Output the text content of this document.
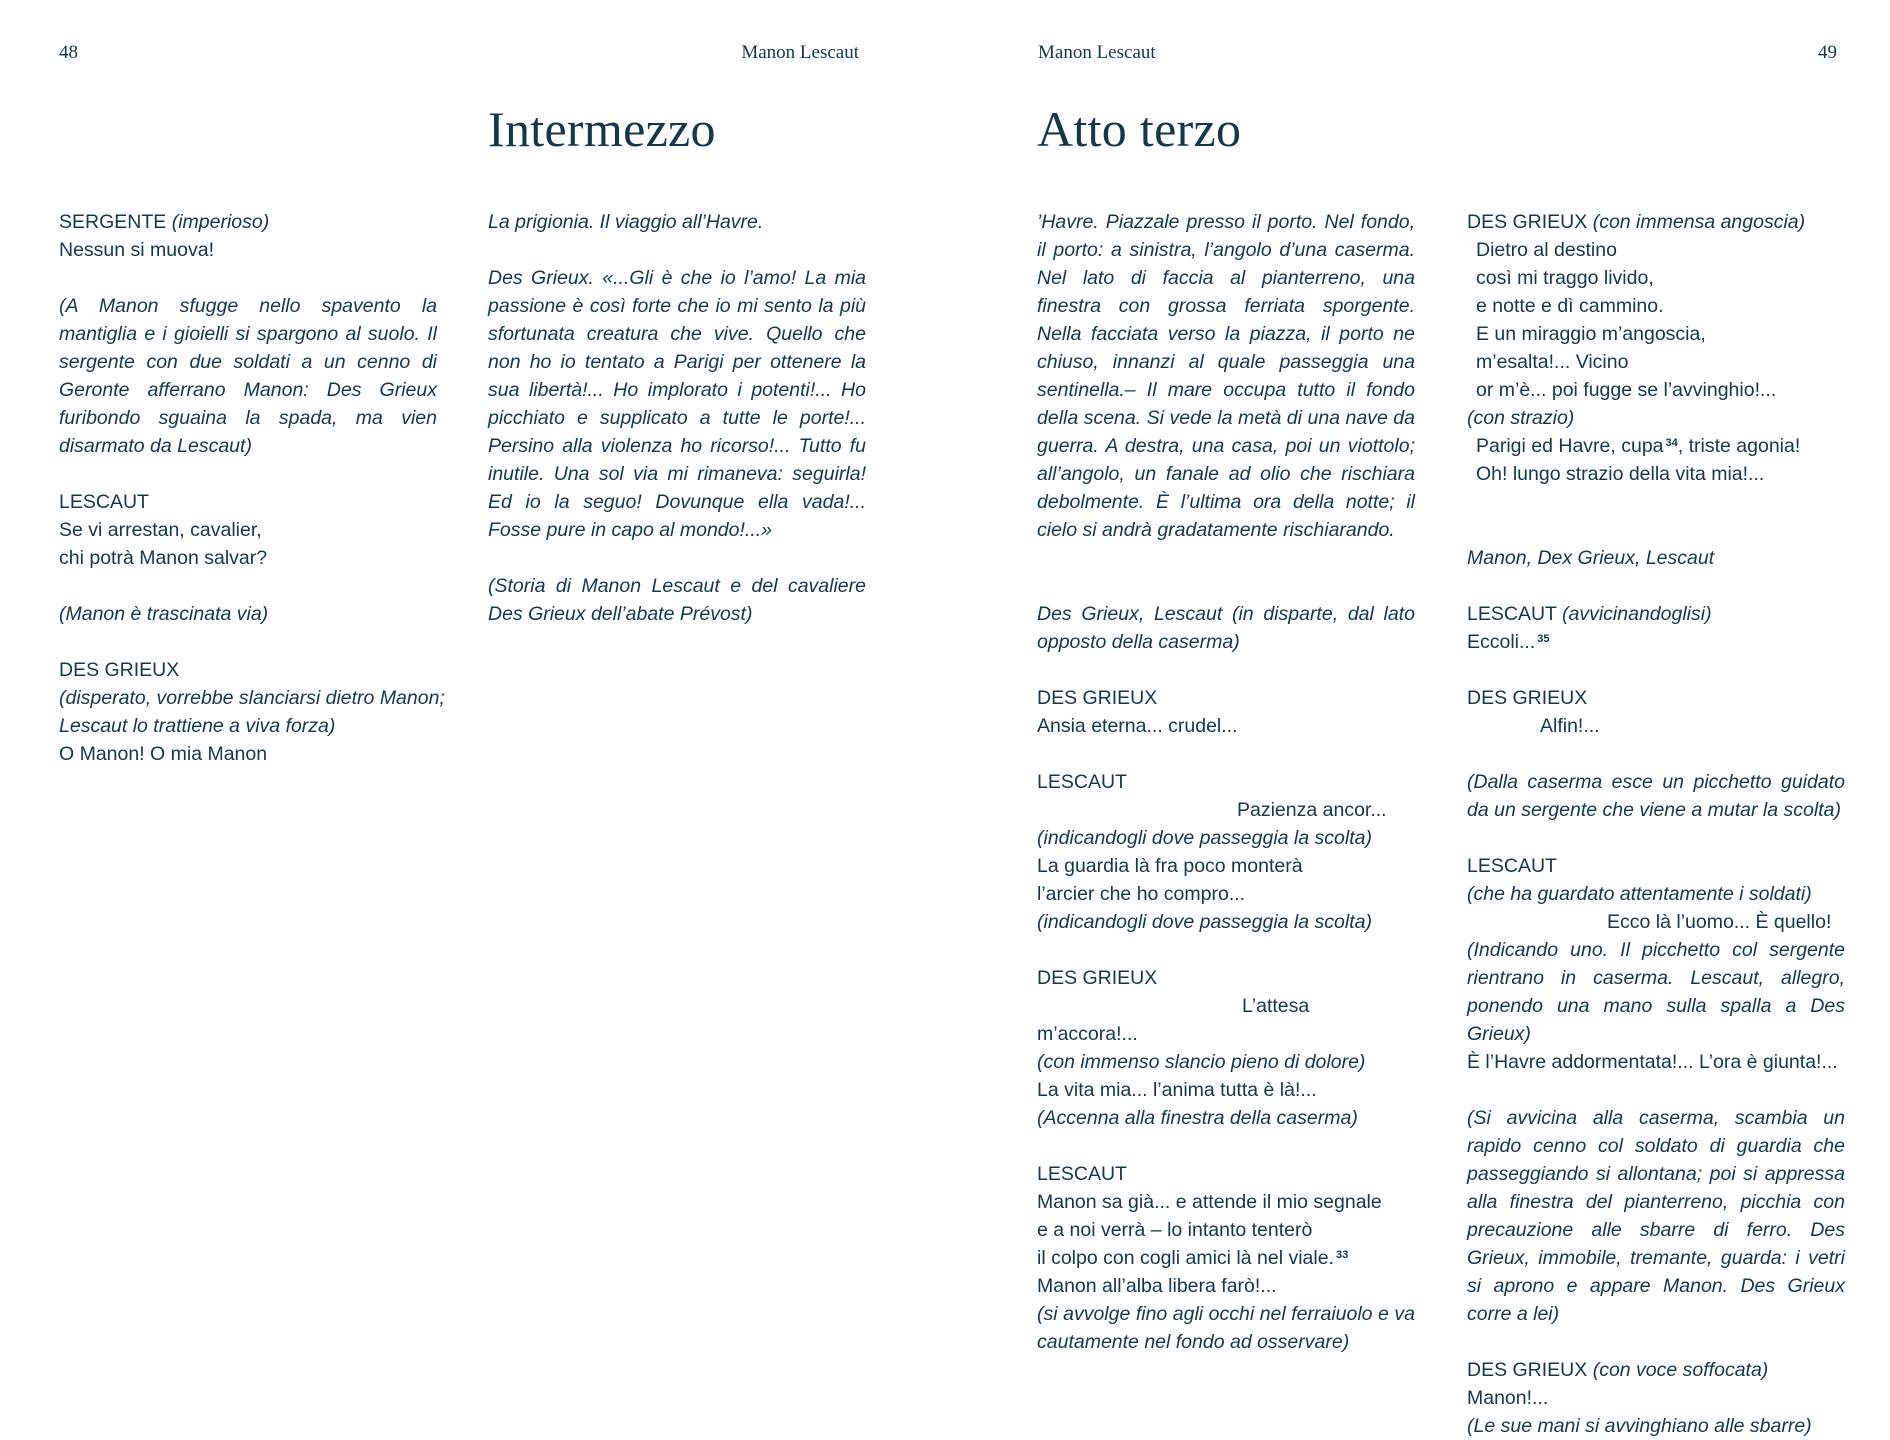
48	Manon Lescaut	Manon Lescaut	49
Intermezzo	Atto terzo
SERGENTE (imperioso)
Nessun si muova!
(A Manon sfugge nello spavento la mantiglia e i gioielli si spargono al suolo. Il sergente con due soldati a un cenno di Geronte afferrano Manon: Des Grieux furibondo sguaina la spada, ma vien disarmato da Lescaut)
LESCAUT
Se vi arrestan, cavalier,
chi potrà Manon salvar?
(Manon è trascinata via)
DES GRIEUX
(disperato, vorrebbe slanciarsi dietro Manon;
Lescaut lo trattiene a viva forza)
O Manon! O mia Manon
La prigionia. Il viaggio all’Havre.
Des Grieux. «...Gli è che io l’amo! La mia passione è così forte che io mi sento la più sfortunata creatura che vive. Quello che non ho io tentato a Parigi per ottenere la sua libertà!... Ho implorato i potenti!... Ho picchiato e supplicato a tutte le porte!... Persino alla violenza ho ricorso!... Tutto fu inutile. Una sol via mi rimaneva: seguirla! Ed io la seguo! Dovunque ella vada!... Fosse pure in capo al mondo!...»
(Storia di Manon Lescaut e del cavaliere Des Grieux dell’abate Prévost)
’Havre. Piazzale presso il porto. Nel fondo, il porto: a sinistra, l’angolo d’una caserma. Nel lato di faccia al pianterreno, una finestra con grossa ferriata sporgente. Nella facciata verso la piazza, il porto ne chiuso, innanzi al quale passeggia una sentinella.– Il mare occupa tutto il fondo della scena. Si vede la metà di una nave da guerra. A destra, una casa, poi un viottolo; all’angolo, un fanale ad olio che rischiara debolmente. È l’ultima ora della notte; il cielo si andrà gradatamente rischiarando.
Des Grieux, Lescaut (in disparte, dal lato opposto della caserma)
DES GRIEUX
Ansia eterna... crudel...
LESCAUT
Pazienza ancor...
(indicandogli dove passeggia la scolta)
La guardia là fra poco monterà
l’arcier che ho compro...
(indicandogli dove passeggia la scolta)
DES GRIEUX
L’attesa
m’accora!...
(con immenso slancio pieno di dolore)
La vita mia... l’anima tutta è là!...
(Accenna alla finestra della caserma)
LESCAUT
Manon sa già... e attende il mio segnale
e a noi verrà – lo intanto tenterò
il colpo con cogli amici là nel viale. $^{33}$
Manon all’alba libera farò!...
(si avvolge fino agli occhi nel ferraiuolo e va cautamente nel fondo ad osservare)
DES GRIEUX (con immensa angoscia)
Dietro al destino
così mi traggo livido,
e notte e dì cammino.
E un miraggio m’angoscia,
m’esalta!... Vicino
or m’è... poi fugge se l’avvinghio!...
(con strazio)
Parigi ed Havre, cupa $^{34}$, triste agonia!
Oh! lungo strazio della vita mia!...
Manon, Dex Grieux, Lescaut
LESCAUT (avvicinandoglisi)
Eccoli... $^{35}$
DES GRIEUX
Alfin!...
(Dalla caserma esce un picchetto guidato da un sergente che viene a mutar la scolta)
LESCAUT
(che ha guardato attentamente i soldati)
Ecco là l’uomo... È quello!
(Indicando uno. Il picchetto col sergente rientrano in caserma. Lescaut, allegro, ponendo una mano sulla spalla a Des Grieux)
È l’Havre addormentata!... L’ora è giunta!...
(Si avvicina alla caserma, scambia un rapido cenno col soldato di guardia che passeggiando si allontana; poi si appressa alla finestra del pianterreno, picchia con precauzione alle sbarre di ferro. Des Grieux, immobile, tremante, guarda: i vetri si aprono e appare Manon. Des Grieux corre a lei)
DES GRIEUX (con voce soffocata)
Manon!...
(Le sue mani si avvinghiano alle sbarre)
